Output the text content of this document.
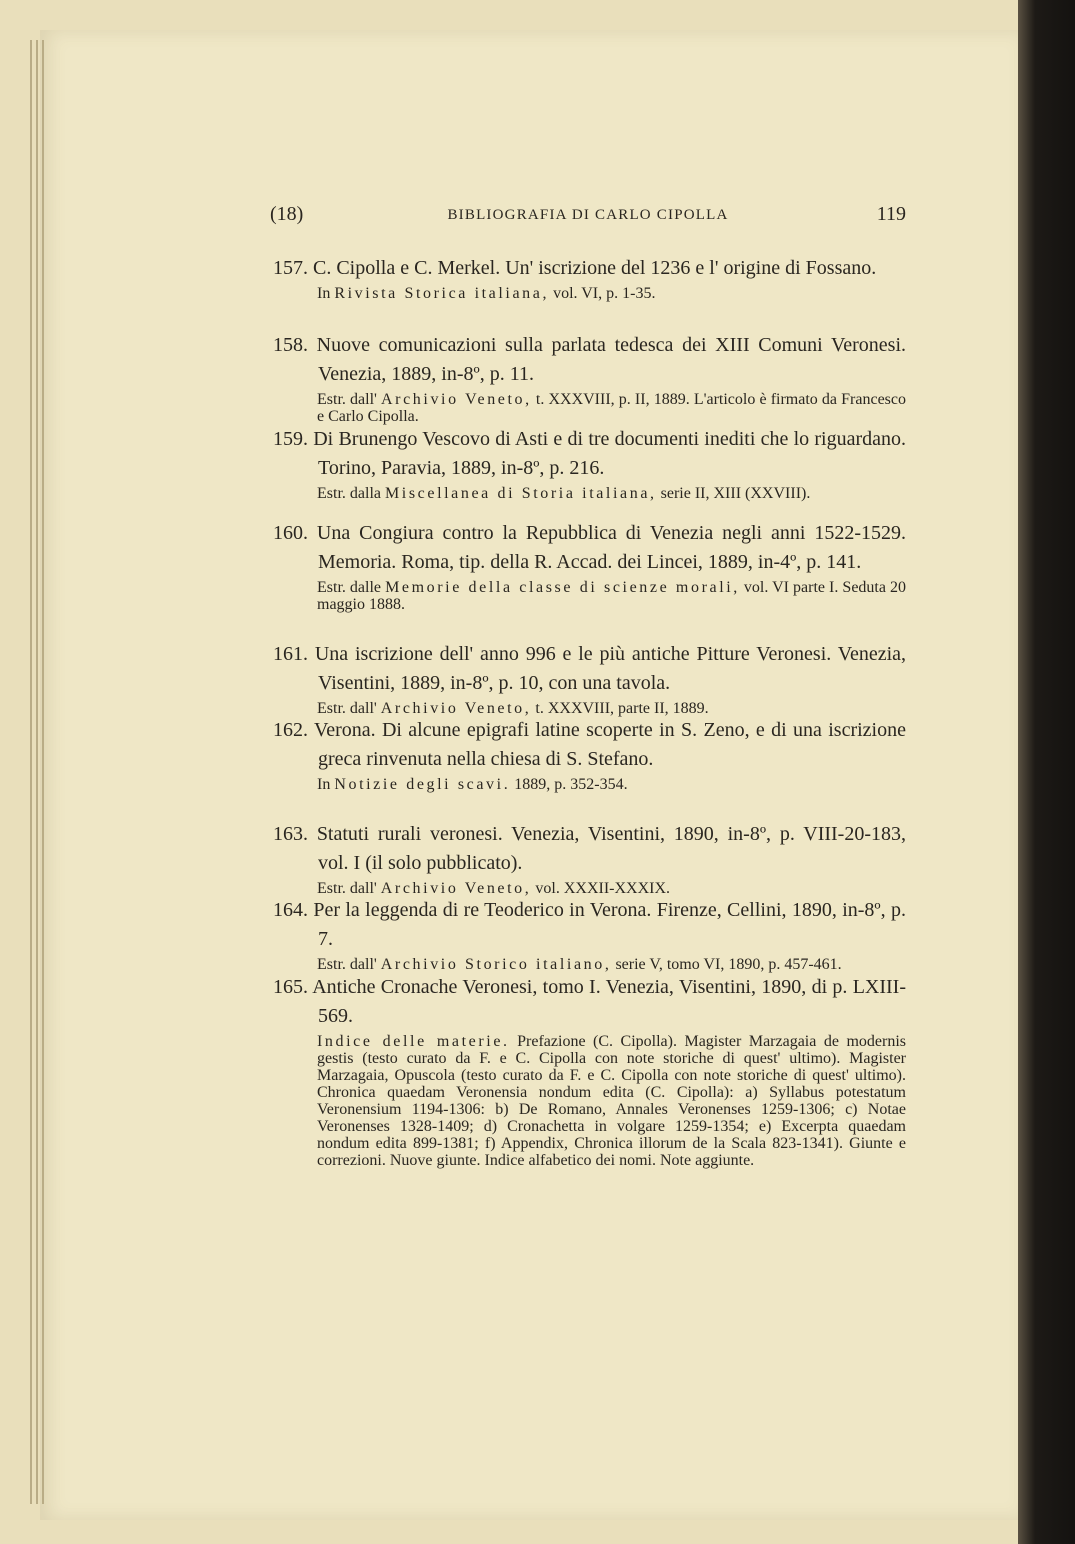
(18)	BIBLIOGRAFIA DI CARLO CIPOLLA	119
157. C. Cipolla e C. Merkel. Un' iscrizione del 1236 e l' origine di Fossano.
In Rivista Storica italiana, vol. VI, p. 1-35.
158. Nuove comunicazioni sulla parlata tedesca dei XIII Comuni Veronesi. Venezia, 1889, in-8º, p. 11.
Estr. dall' Archivio Veneto, t. XXXVIII, p. II, 1889. L'articolo è firmato da Francesco e Carlo Cipolla.
159. Di Brunengo Vescovo di Asti e di tre documenti inediti che lo riguardano. Torino, Paravia, 1889, in-8º, p. 216.
Estr. dalla Miscellanea di Storia italiana, serie II, XIII (XXVIII).
160. Una Congiura contro la Repubblica di Venezia negli anni 1522-1529. Memoria. Roma, tip. della R. Accad. dei Lincei, 1889, in-4º, p. 141.
Estr. dalle Memorie della classe di scienze morali, vol. VI parte I. Seduta 20 maggio 1888.
161. Una iscrizione dell' anno 996 e le più antiche Pitture Veronesi. Venezia, Visentini, 1889, in-8º, p. 10, con una tavola.
Estr. dall' Archivio Veneto, t. XXXVIII, parte II, 1889.
162. Verona. Di alcune epigrafi latine scoperte in S. Zeno, e di una iscrizione greca rinvenuta nella chiesa di S. Stefano.
In Notizie degli scavi. 1889, p. 352-354.
163. Statuti rurali veronesi. Venezia, Visentini, 1890, in-8º, p. VIII-20-183, vol. I (il solo pubblicato).
Estr. dall' Archivio Veneto, vol. XXXII-XXXIX.
164. Per la leggenda di re Teoderico in Verona. Firenze, Cellini, 1890, in-8º, p. 7.
Estr. dall' Archivio Storico italiano, serie V, tomo VI, 1890, p. 457-461.
165. Antiche Cronache Veronesi, tomo I. Venezia, Visentini, 1890, di p. LXIII-569.
Indice delle materie. Prefazione (C. Cipolla). Magister Marzagaia de modernis gestis (testo curato da F. e C. Cipolla con note storiche di quest' ultimo). Magister Marzagaia, Opuscola (testo curato da F. e C. Cipolla con note storiche di quest' ultimo). Chronica quaedam Veronensia nondum edita (C. Cipolla): a) Syllabus potestatum Veronensium 1194-1306: b) De Romano, Annales Veronenses 1259-1306; c) Notae Veronenses 1328-1409; d) Cronachetta in volgare 1259-1354; e) Excerpta quaedam nondum edita 899-1381; f) Appendix, Chronica illorum de la Scala 823-1341). Giunte e correzioni. Nuove giunte. Indice alfabetico dei nomi. Note aggiunte.
